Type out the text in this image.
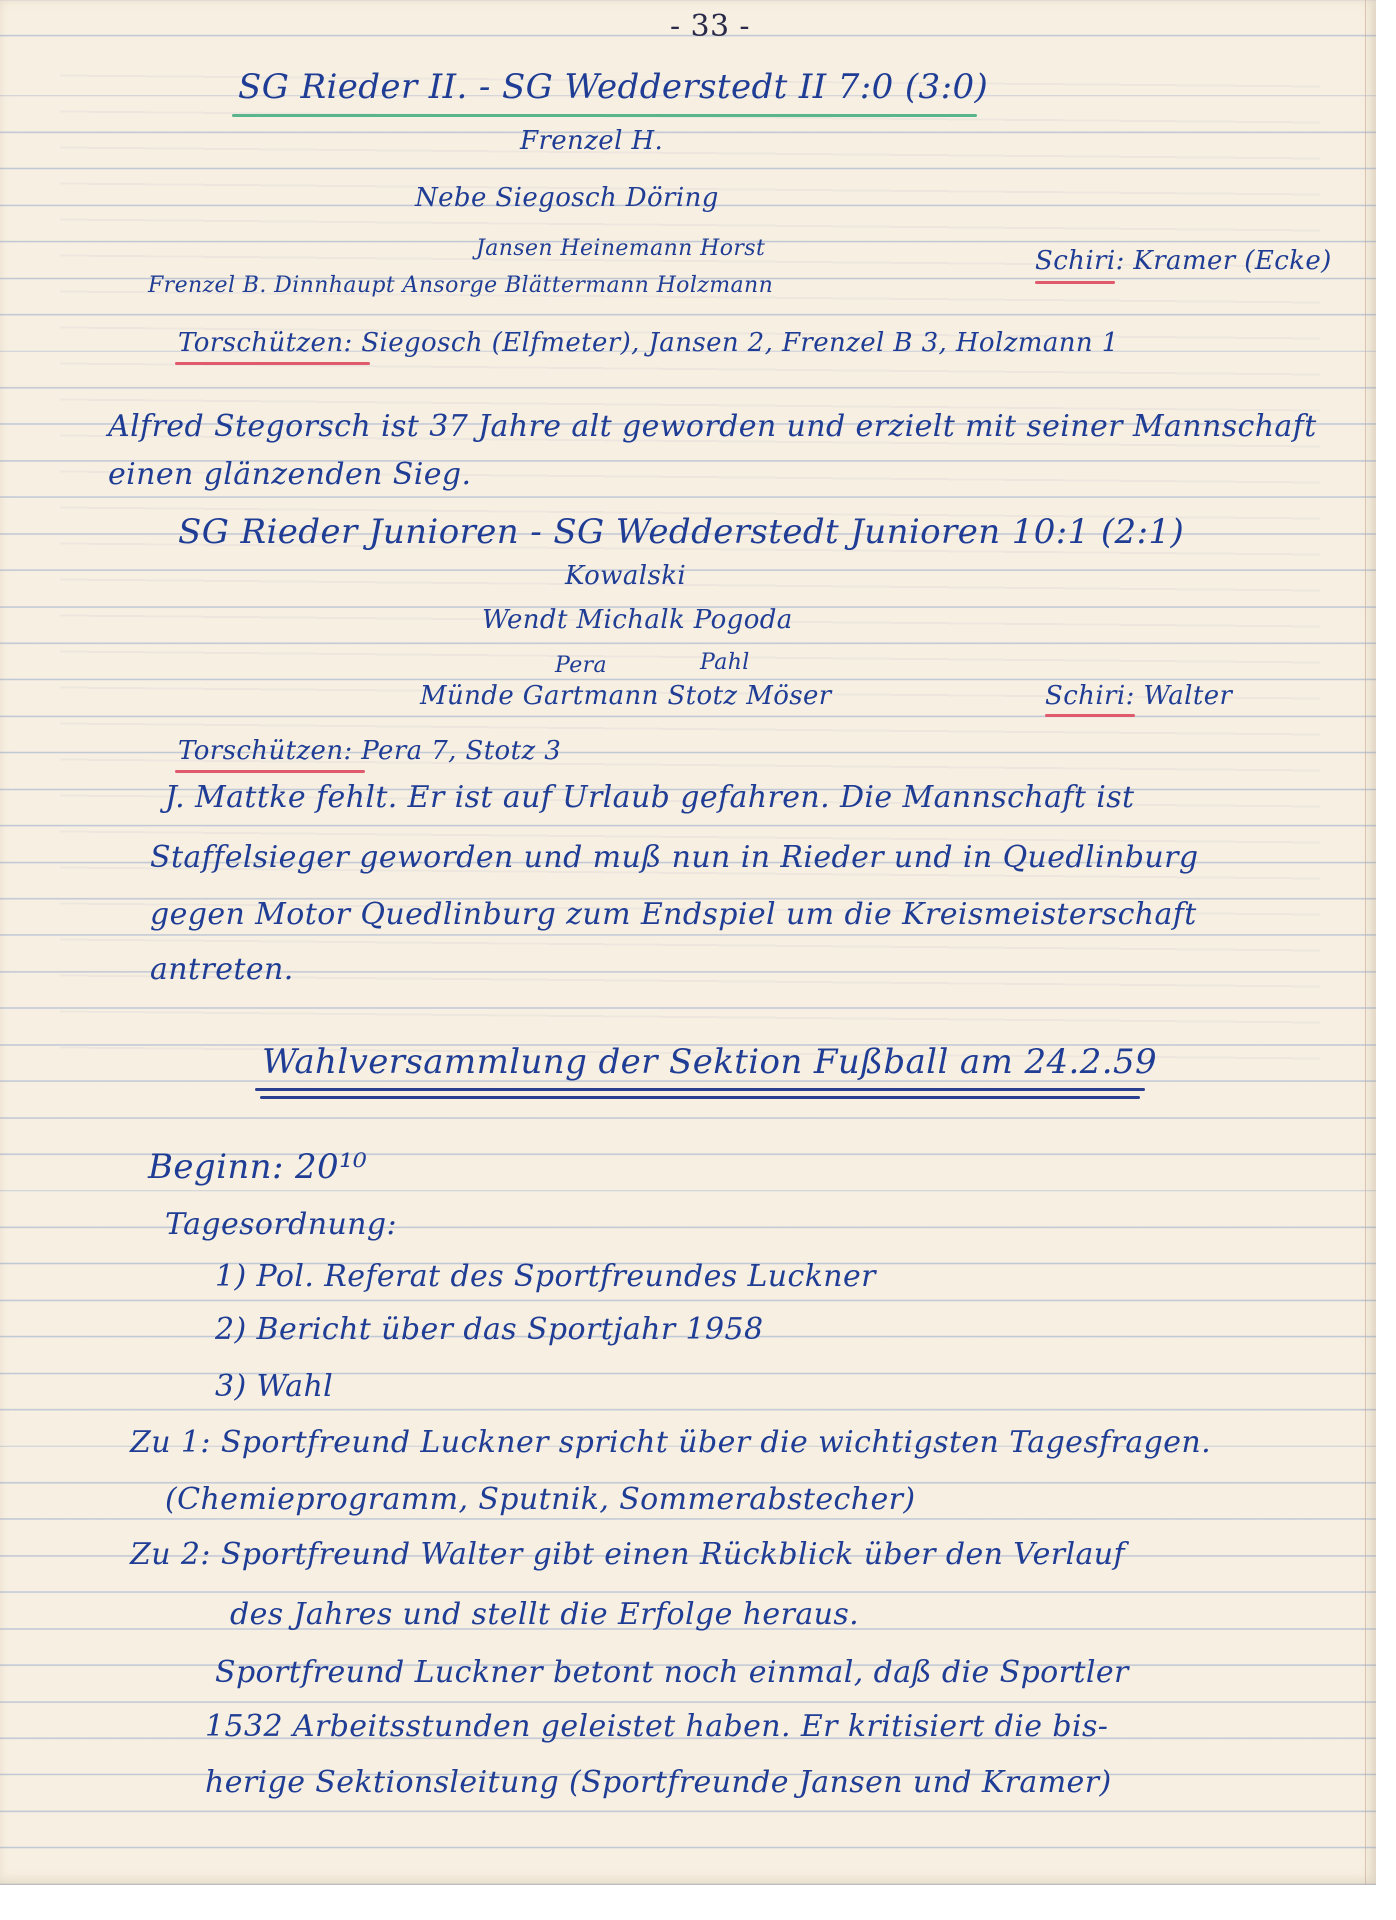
- 33 -
SG Rieder II. - SG Wedderstedt II 7:0 (3:0)
Frenzel H.
Nebe Siegosch Döring
Jansen Heinemann Horst	Schiri: Kramer (Ecke)
Frenzel B. Dinnhaupt Ansorge Blättermann Holzmann
Torschützen: Siegosch (Elfmeter), Jansen 2, Frenzel B 3, Holzmann 1
Alfred Stegorsch ist 37 Jahre alt geworden und erzielt mit seiner Mannschaft
einen glänzenden Sieg.
SG Rieder Junioren - SG Wedderstedt Junioren 10:1 (2:1)
Kowalski
Wendt Michalk Pogoda
Pera	Pahl
Münde Gartmann Stotz Möser	Schiri: Walter
Torschützen: Pera 7, Stotz 3
J. Mattke fehlt. Er ist auf Urlaub gefahren. Die Mannschaft ist
Staffelsieger geworden und muß nun in Rieder und in Quedlinburg
gegen Motor Quedlinburg zum Endspiel um die Kreismeisterschaft
antreten.
Wahlversammlung der Sektion Fußball am 24.2.59
Beginn: 20¹⁰
Tagesordnung:
1) Pol. Referat des Sportfreundes Luckner
2) Bericht über das Sportjahr 1958
3) Wahl
Zu 1: Sportfreund Luckner spricht über die wichtigsten Tagesfragen.
(Chemieprogramm, Sputnik, Sommerabstecher)
Zu 2: Sportfreund Walter gibt einen Rückblick über den Verlauf
des Jahres und stellt die Erfolge heraus.
Sportfreund Luckner betont noch einmal, daß die Sportler
1532 Arbeitsstunden geleistet haben. Er kritisiert die bis-
herige Sektionsleitung (Sportfreunde Jansen und Kramer)
